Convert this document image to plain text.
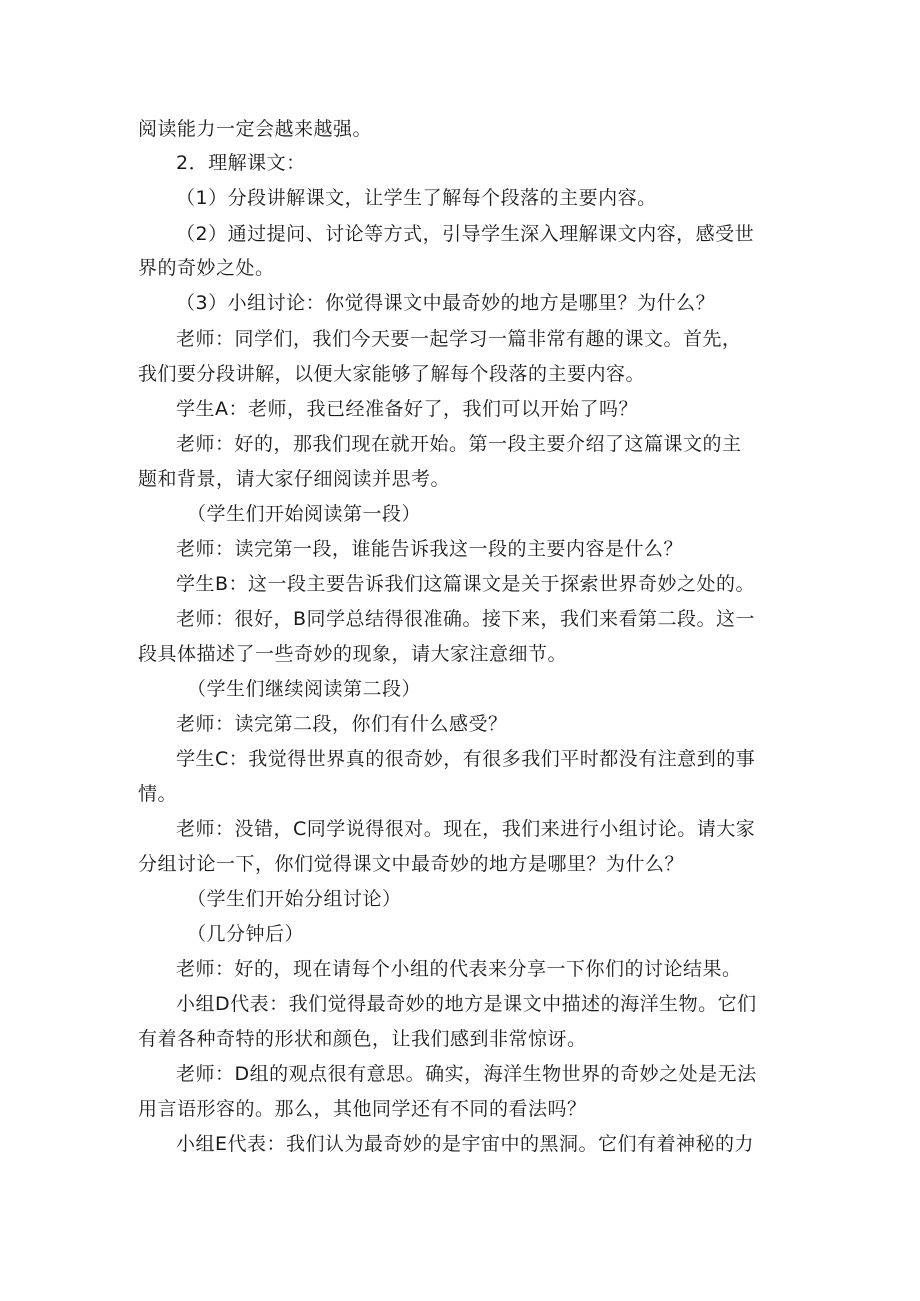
阅读能力一定会越来越强。

2．理解课文：

（1）分段讲解课文，让学生了解每个段落的主要内容。

（2）通过提问、讨论等方式，引导学生深入理解课文内容，感受世

界的奇妙之处。

（3）小组讨论：你觉得课文中最奇妙的地方是哪里？为什么？

老师：同学们，我们今天要一起学习一篇非常有趣的课文。首先，

我们要分段讲解，以便大家能够了解每个段落的主要内容。

学生A：老师，我已经准备好了，我们可以开始了吗？

老师：好的，那我们现在就开始。第一段主要介绍了这篇课文的主

题和背景，请大家仔细阅读并思考。

（学生们开始阅读第一段）

老师：读完第一段，谁能告诉我这一段的主要内容是什么？

学生B：这一段主要告诉我们这篇课文是关于探索世界奇妙之处的。

老师：很好，B同学总结得很准确。接下来，我们来看第二段。这一

段具体描述了一些奇妙的现象，请大家注意细节。

（学生们继续阅读第二段）

老师：读完第二段，你们有什么感受？

学生C：我觉得世界真的很奇妙，有很多我们平时都没有注意到的事

情。

老师：没错，C同学说得很对。现在，我们来进行小组讨论。请大家

分组讨论一下，你们觉得课文中最奇妙的地方是哪里？为什么？

（学生们开始分组讨论）

（几分钟后）

老师：好的，现在请每个小组的代表来分享一下你们的讨论结果。

小组D代表：我们觉得最奇妙的地方是课文中描述的海洋生物。它们

有着各种奇特的形状和颜色，让我们感到非常惊讶。

老师：D组的观点很有意思。确实，海洋生物世界的奇妙之处是无法

用言语形容的。那么，其他同学还有不同的看法吗？

小组E代表：我们认为最奇妙的是宇宙中的黑洞。它们有着神秘的力
